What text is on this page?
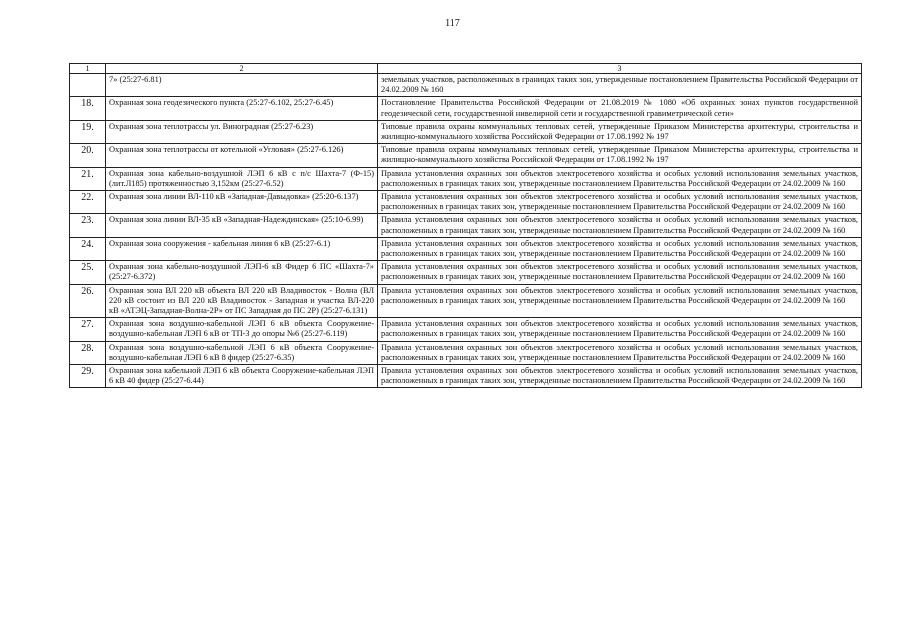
117
1	2	3
	7» (25:27-6.81)	земельных участков, расположенных в границах таких зон, утвержденные постановлением Правительства Российской Федерации от 24.02.2009 № 160
18.	Охранная зона геодезического пункта (25:27-6.102, 25:27-6.45)	Постановление Правительства Российской Федерации от 21.08.2019 № 1080 «Об охранных зонах пунктов государственной геодезической сети, государственной нивелирной сети и государственной гравиметрической сети»
19.	Охранная зона теплотрассы ул. Виноградная (25:27-6.23)	Типовые правила охраны коммунальных тепловых сетей, утвержденные Приказом Министерства архитектуры, строительства и жилищно-коммунального хозяйства Российской Федерации от 17.08.1992 № 197
20.	Охранная зона теплотрассы от котельной «Угловая» (25:27-6.126)	Типовые правила охраны коммунальных тепловых сетей, утвержденные Приказом Министерства архитектуры, строительства и жилищно-коммунального хозяйства Российской Федерации от 17.08.1992 № 197
21.	Охранная зона кабельно-воздушной ЛЭП 6 кВ с п/с Шахта-7 (Ф-15) (лит.Л185) протяженностью 3,152км (25:27-6.52)	Правила установления охранных зон объектов электросетевого хозяйства и особых условий использования земельных участков, расположенных в границах таких зон, утвержденные постановлением Правительства Российской Федерации от 24.02.2009 № 160
22.	Охранная зона линии ВЛ-110 кВ «Западная-Давыдовка» (25:20-6.137)	Правила установления охранных зон объектов электросетевого хозяйства и особых условий использования земельных участков, расположенных в границах таких зон, утвержденные постановлением Правительства Российской Федерации от 24.02.2009 № 160
23.	Охранная зона линии ВЛ-35 кВ «Западная-Надеждинская» (25:10-6.99)	Правила установления охранных зон объектов электросетевого хозяйства и особых условий использования земельных участков, расположенных в границах таких зон, утвержденные постановлением Правительства Российской Федерации от 24.02.2009 № 160
24.	Охранная зона сооружения - кабельная линия 6 кВ (25:27-6.1)	Правила установления охранных зон объектов электросетевого хозяйства и особых условий использования земельных участков, расположенных в границах таких зон, утвержденные постановлением Правительства Российской Федерации от 24.02.2009 № 160
25.	Охранная зона кабельно-воздушной ЛЭП-6 кВ Фидер 6 ПС «Шахта-7» (25:27-6.372)	Правила установления охранных зон объектов электросетевого хозяйства и особых условий использования земельных участков, расположенных в границах таких зон, утвержденные постановлением Правительства Российской Федерации от 24.02.2009 № 160
26.	Охранная зона ВЛ 220 кВ объекта ВЛ 220 кВ Владивосток - Волна (ВЛ 220 кВ состоит из ВЛ 220 кВ Владивосток - Западная и участка ВЛ-220 кВ «АТЭЦ-Западная-Волна-2Р» от ПС Западная до ПС 2Р) (25:27-6.131)	Правила установления охранных зон объектов электросетевого хозяйства и особых условий использования земельных участков, расположенных в границах таких зон, утвержденные постановлением Правительства Российской Федерации от 24.02.2009 № 160
27.	Охранная зона воздушно-кабельной ЛЭП 6 кВ объекта Сооружение-воздушно-кабельная ЛЭП 6 кВ от ТП-3 до опоры №6 (25:27-6.119)	Правила установления охранных зон объектов электросетевого хозяйства и особых условий использования земельных участков, расположенных в границах таких зон, утвержденные постановлением Правительства Российской Федерации от 24.02.2009 № 160
28.	Охранная зона воздушно-кабельной ЛЭП 6 кВ объекта Сооружение-воздушно-кабельная ЛЭП 6 кВ 8 фидер (25:27-6.35)	Правила установления охранных зон объектов электросетевого хозяйства и особых условий использования земельных участков, расположенных в границах таких зон, утвержденные постановлением Правительства Российской Федерации от 24.02.2009 № 160
29.	Охранная зона кабельной ЛЭП 6 кВ объекта Сооружение-кабельная ЛЭП 6 кВ 40 фидер (25:27-6.44)	Правила установления охранных зон объектов электросетевого хозяйства и особых условий использования земельных участков, расположенных в границах таких зон, утвержденные постановлением Правительства Российской Федерации от 24.02.2009 № 160
